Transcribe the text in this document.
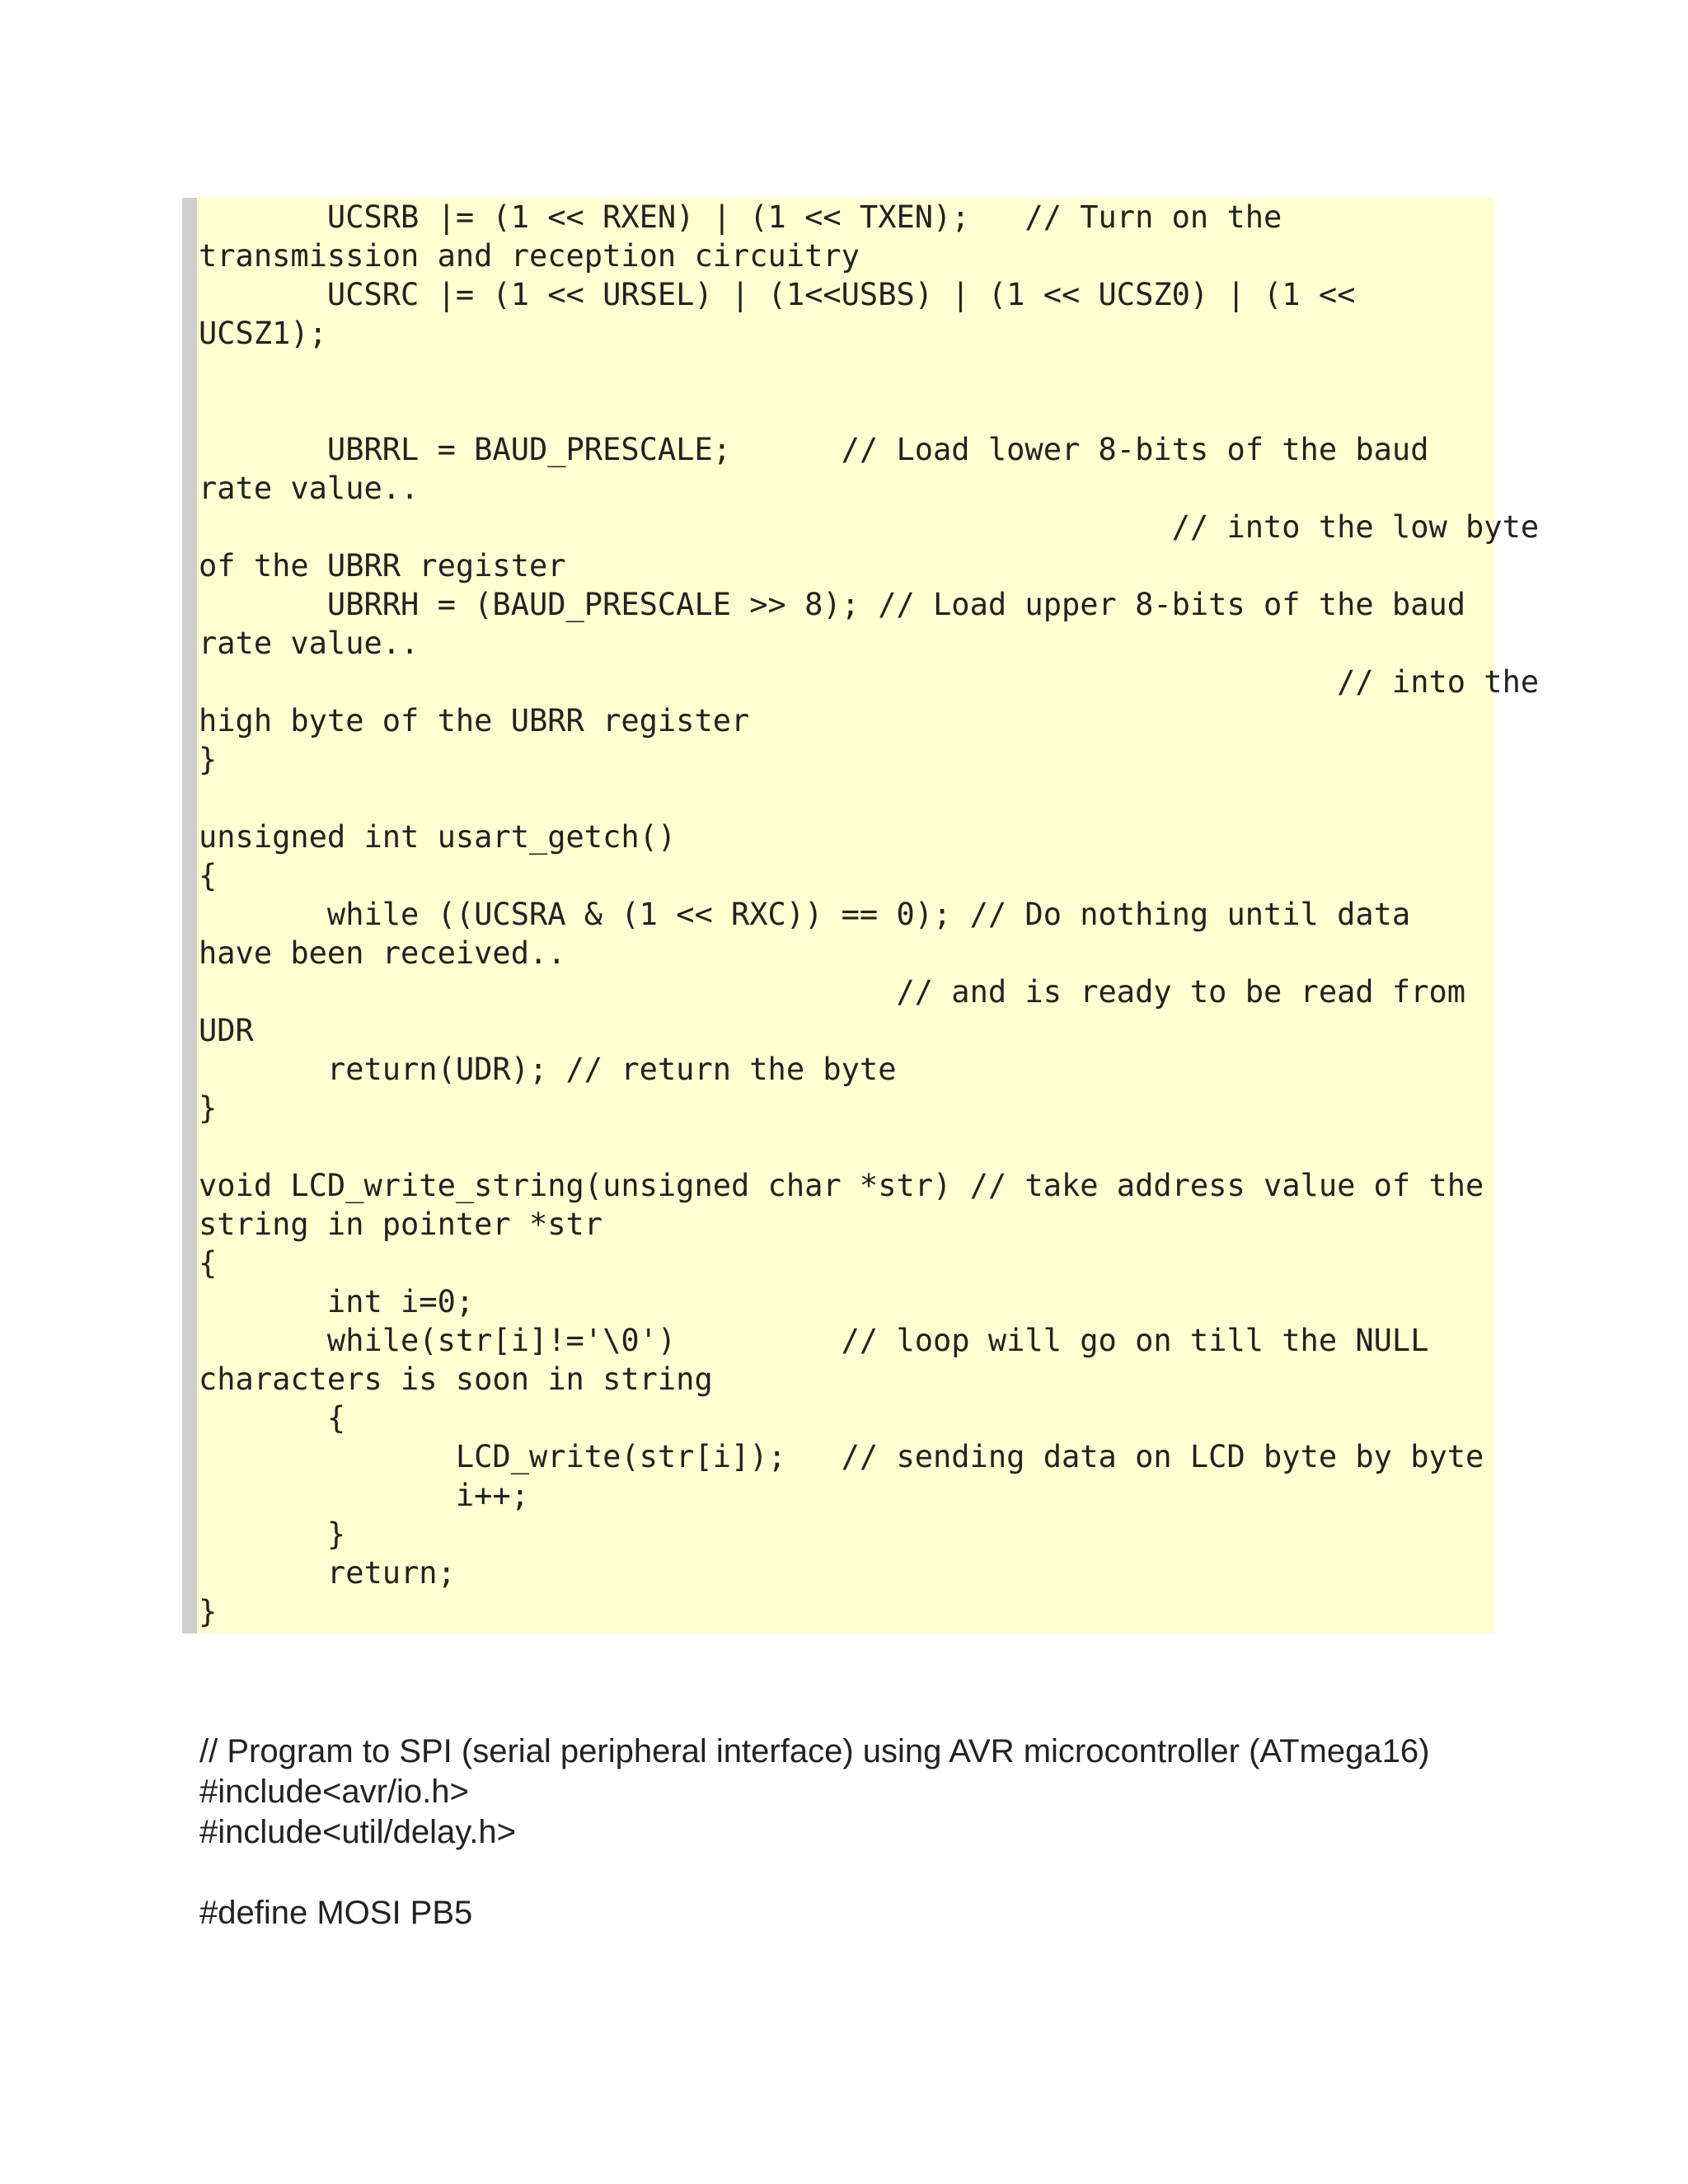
UCSRB |= (1 << RXEN) | (1 << TXEN);   // Turn on the
transmission and reception circuitry
UCSRC |= (1 << URSEL) | (1<<USBS) | (1 << UCSZ0) | (1 <<
UCSZ1);
UBRRL = BAUD_PRESCALE;      // Load lower 8-bits of the baud
rate value..
// into the low byte
of the UBRR register
UBRRH = (BAUD_PRESCALE >> 8); // Load upper 8-bits of the baud
rate value..
// into the
high byte of the UBRR register
}
unsigned int usart_getch()
{
while ((UCSRA & (1 << RXC)) == 0); // Do nothing until data
have been received..
// and is ready to be read from
UDR
return(UDR); // return the byte
}
void LCD_write_string(unsigned char *str) // take address value of the
string in pointer *str
{
int i=0;
while(str[i]!='\0')         // loop will go on till the NULL
characters is soon in string
{
LCD_write(str[i]);   // sending data on LCD byte by byte
i++;
}
return;
}
// Program to SPI (serial peripheral interface) using AVR microcontroller (ATmega16)
#include<avr/io.h>
#include<util/delay.h>
#define MOSI PB5
